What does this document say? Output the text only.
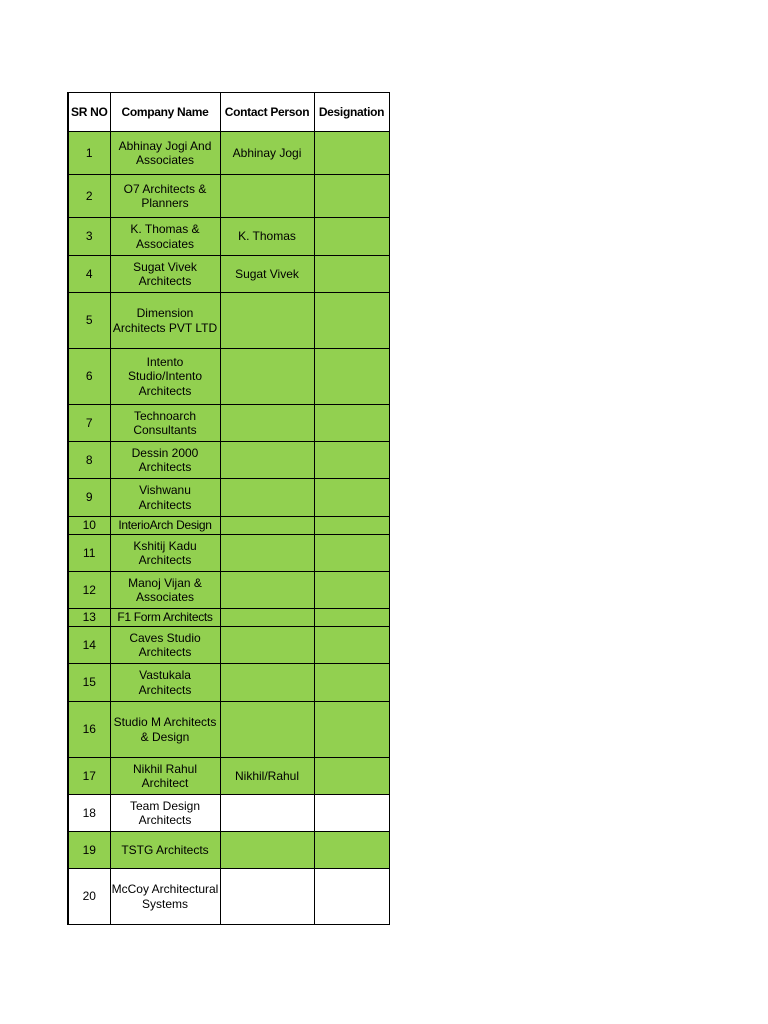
SR NO	Company Name	Contact Person	Designation
1	Abhinay Jogi And Associates	Abhinay Jogi	
2	O7 Architects & Planners		
3	K. Thomas & Associates	K. Thomas	
4	Sugat Vivek Architects	Sugat Vivek	
5	Dimension Architects PVT LTD		
6	Intento Studio/Intento Architects		
7	Technoarch Consultants		
8	Dessin 2000 Architects		
9	Vishwanu Architects		
10	InterioArch Design		
11	Kshitij Kadu Architects		
12	Manoj Vijan & Associates		
13	F1 Form Architects		
14	Caves Studio Architects		
15	Vastukala Architects		
16	Studio M Architects & Design		
17	Nikhil Rahul Architect	Nikhil/Rahul	
18	Team Design Architects		
19	TSTG Architects		
20	McCoy Architectural Systems		
